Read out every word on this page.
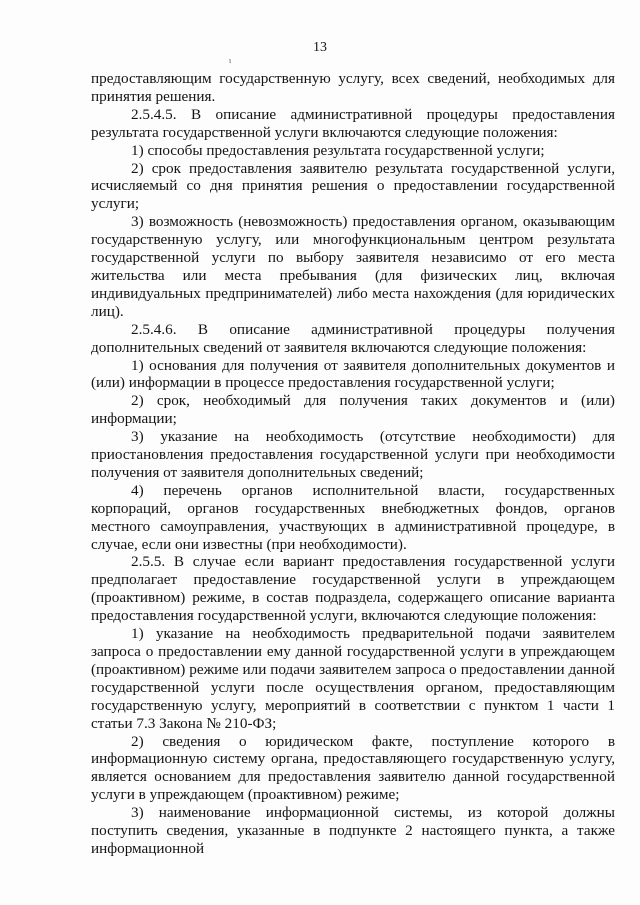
13
ι

предоставляющим государственную услугу, всех сведений, необходимых для принятия решения.

2.5.4.5. В описание административной процедуры предоставления результата государственной услуги включаются следующие положения:

1) способы предоставления результата государственной услуги;

2) срок предоставления заявителю результата государственной услуги, исчисляемый со дня принятия решения о предоставлении государственной услуги;

3) возможность (невозможность) предоставления органом, оказывающим государственную услугу, или многофункциональным центром результата государственной услуги по выбору заявителя независимо от его места жительства или места пребывания (для физических лиц, включая индивидуальных предпринимателей) либо места нахождения (для юридических лиц).

2.5.4.6. В описание административной процедуры получения дополнительных сведений от заявителя включаются следующие положения:

1) основания для получения от заявителя дополнительных документов и (или) информации в процессе предоставления государственной услуги;

2) срок, необходимый для получения таких документов и (или) информации;

3) указание на необходимость (отсутствие необходимости) для приостановления предоставления государственной услуги при необходимости получения от заявителя дополнительных сведений;

4) перечень органов исполнительной власти, государственных корпораций, органов государственных внебюджетных фондов, органов местного самоуправления, участвующих в административной процедуре, в случае, если они известны (при необходимости).

2.5.5. В случае если вариант предоставления государственной услуги предполагает предоставление государственной услуги в упреждающем (проактивном) режиме, в состав подраздела, содержащего описание варианта предоставления государственной услуги, включаются следующие положения:

1) указание на необходимость предварительной подачи заявителем запроса о предоставлении ему данной государственной услуги в упреждающем (проактивном) режиме или подачи заявителем запроса о предоставлении данной государственной услуги после осуществления органом, предоставляющим государственную услугу, мероприятий в соответствии с пунктом 1 части 1 статьи 7.3 Закона № 210-ФЗ;

2) сведения о юридическом факте, поступление которого в информационную систему органа, предоставляющего государственную услугу, является основанием для предоставления заявителю данной государственной услуги в упреждающем (проактивном) режиме;

3) наименование информационной системы, из которой должны поступить сведения, указанные в подпункте 2 настоящего пункта, а также информационной
